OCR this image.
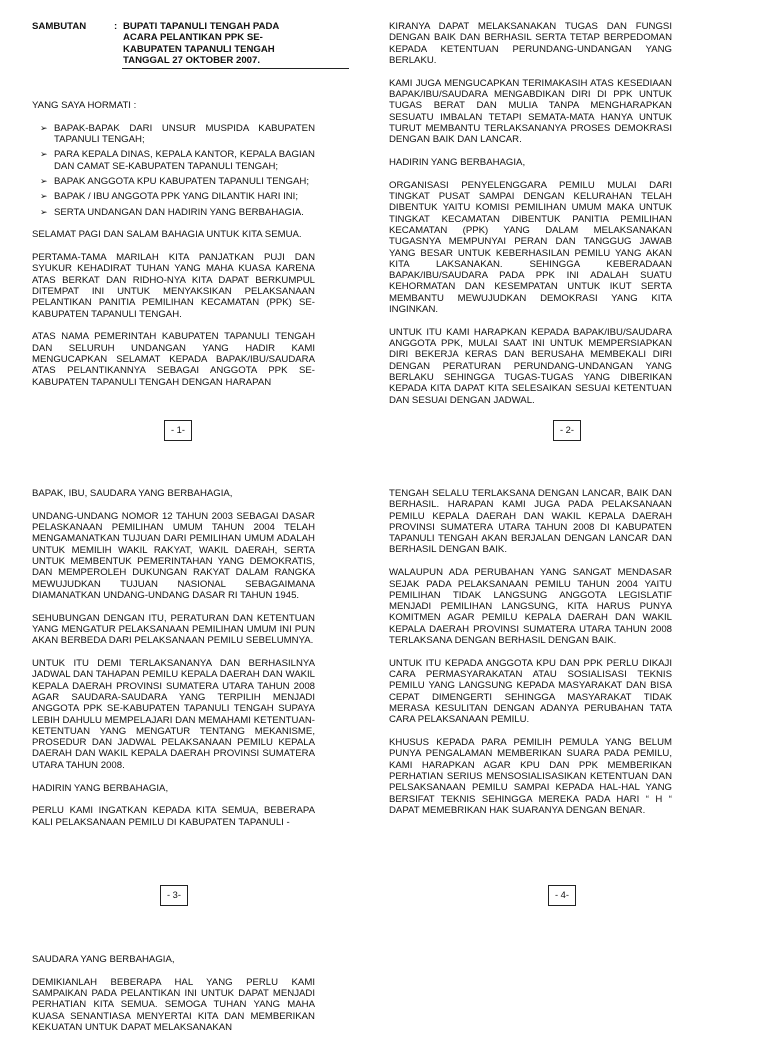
SAMBUTAN	: BUPATI TAPANULI TENGAH PADA
ACARA PELANTIKAN PPK SE-
KABUPATEN TAPANULI TENGAH
TANGGAL 27 OKTOBER 2007.

YANG SAYA HORMATI :

➢ BAPAK-BAPAK DARI UNSUR MUSPIDA KABUPATEN TAPANULI TENGAH;
➢ PARA KEPALA DINAS, KEPALA KANTOR, KEPALA BAGIAN DAN CAMAT SE-KABUPATEN TAPANULI TENGAH;
➢ BAPAK ANGGOTA KPU KABUPATEN TAPANULI TENGAH;
➢ BAPAK / IBU ANGGOTA PPK YANG DILANTIK HARI INI;
➢ SERTA UNDANGAN DAN HADIRIN YANG BERBAHAGIA.

SELAMAT PAGI DAN SALAM BAHAGIA UNTUK KITA SEMUA.

PERTAMA-TAMA MARILAH KITA PANJATKAN PUJI DAN SYUKUR KEHADIRAT TUHAN YANG MAHA KUASA KARENA ATAS BERKAT DAN RIDHO-NYA KITA DAPAT BERKUMPUL DITEMPAT INI UNTUK MENYAKSIKAN PELAKSANAAN PELANTIKAN PANITIA PEMILIHAN KECAMATAN (PPK) SE-KABUPATEN TAPANULI TENGAH.

ATAS NAMA PEMERINTAH KABUPATEN TAPANULI TENGAH DAN SELURUH UNDANGAN YANG HADIR KAMI MENGUCAPKAN SELAMAT KEPADA BAPAK/IBU/SAUDARA ATAS PELANTIKANNYA SEBAGAI ANGGOTA PPK SE-KABUPATEN TAPANULI TENGAH DENGAN HARAPAN

- 1-

KIRANYA DAPAT MELAKSANAKAN TUGAS DAN FUNGSI DENGAN BAIK DAN BERHASIL SERTA TETAP BERPEDOMAN KEPADA KETENTUAN PERUNDANG-UNDANGAN YANG BERLAKU.

KAMI JUGA MENGUCAPKAN TERIMAKASIH ATAS KESEDIAAN BAPAK/IBU/SAUDARA MENGABDIKAN DIRI DI PPK UNTUK TUGAS BERAT DAN MULIA TANPA MENGHARAPKAN SESUATU IMBALAN TETAPI SEMATA-MATA HANYA UNTUK TURUT MEMBANTU TERLAKSANANYA PROSES DEMOKRASI DENGAN BAIK DAN LANCAR.

HADIRIN YANG BERBAHAGIA,

ORGANISASI PENYELENGGARA PEMILU MULAI DARI TINGKAT PUSAT SAMPAI DENGAN KELURAHAN TELAH DIBENTUK YAITU KOMISI PEMILIHAN UMUM MAKA UNTUK TINGKAT KECAMATAN DIBENTUK PANITIA PEMILIHAN KECAMATAN (PPK) YANG DALAM MELAKSANAKAN TUGASNYA MEMPUNYAI PERAN DAN TANGGUG JAWAB YANG BESAR UNTUK KEBERHASILAN PEMILU YANG AKAN KITA LAKSANAKAN. SEHINGGA KEBERADAAN BAPAK/IBU/SAUDARA PADA PPK INI ADALAH SUATU KEHORMATAN DAN KESEMPATAN UNTUK IKUT SERTA MEMBANTU MEWUJUDKAN DEMOKRASI YANG KITA INGINKAN.

UNTUK ITU KAMI HARAPKAN KEPADA BAPAK/IBU/SAUDARA ANGGOTA PPK, MULAI SAAT INI UNTUK MEMPERSIAPKAN DIRI BEKERJA KERAS DAN BERUSAHA MEMBEKALI DIRI DENGAN PERATURAN PERUNDANG-UNDANGAN YANG BERLAKU SEHINGGA TUGAS-TUGAS YANG DIBERIKAN KEPADA KITA DAPAT KITA SELESAIKAN SESUAI KETENTUAN DAN SESUAI DENGAN JADWAL.

- 2-

BAPAK, IBU, SAUDARA YANG BERBAHAGIA,

UNDANG-UNDANG NOMOR 12 TAHUN 2003 SEBAGAI DASAR PELASKANAAN PEMILIHAN UMUM TAHUN 2004 TELAH MENGAMANATKAN TUJUAN DARI PEMILIHAN UMUM ADALAH UNTUK MEMILIH WAKIL RAKYAT, WAKIL DAERAH, SERTA UNTUK MEMBENTUK PEMERINTAHAN YANG DEMOKRATIS, DAN MEMPEROLEH DUKUNGAN RAKYAT DALAM RANGKA MEWUJUDKAN TUJUAN NASIONAL SEBAGAIMANA DIAMANATKAN UNDANG-UNDANG DASAR RI TAHUN 1945.

SEHUBUNGAN DENGAN ITU, PERATURAN DAN KETENTUAN YANG MENGATUR PELAKSANAAN PEMILIHAN UMUM INI PUN AKAN BERBEDA DARI PELAKSANAAN PEMILU SEBELUMNYA.

UNTUK ITU DEMI TERLAKSANANYA DAN BERHASILNYA JADWAL DAN TAHAPAN PEMILU KEPALA DAERAH DAN WAKIL KEPALA DAERAH PROVINSI SUMATERA UTARA TAHUN 2008 AGAR SAUDARA-SAUDARA YANG TERPILIH MENJADI ANGGOTA PPK SE-KABUPATEN TAPANULI TENGAH SUPAYA LEBIH DAHULU MEMPELAJARI DAN MEMAHAMI KETENTUAN-KETENTUAN YANG MENGATUR TENTANG MEKANISME, PROSEDUR DAN JADWAL PELAKSANAAN PEMILU KEPALA DAERAH DAN WAKIL KEPALA DAERAH PROVINSI SUMATERA UTARA TAHUN 2008.

HADIRIN YANG BERBAHAGIA,

PERLU KAMI INGATKAN KEPADA KITA SEMUA, BEBERAPA KALI PELAKSANAAN PEMILU DI KABUPATEN TAPANULI -

- 3-

TENGAH SELALU TERLAKSANA DENGAN LANCAR, BAIK DAN BERHASIL. HARAPAN KAMI JUGA PADA PELAKSANAAN PEMILU KEPALA DAERAH DAN WAKIL KEPALA DAERAH PROVINSI SUMATERA UTARA TAHUN 2008 DI KABUPATEN TAPANULI TENGAH AKAN BERJALAN DENGAN LANCAR DAN BERHASIL DENGAN BAIK.

WALAUPUN ADA PERUBAHAN YANG SANGAT MENDASAR SEJAK PADA PELAKSANAAN PEMILU TAHUN 2004 YAITU PEMILIHAN TIDAK LANGSUNG ANGGOTA LEGISLATIF MENJADI PEMILIHAN LANGSUNG, KITA HARUS PUNYA KOMITMEN AGAR PEMILU KEPALA DAERAH DAN WAKIL KEPALA DAERAH PROVINSI SUMATERA UTARA TAHUN 2008 TERLAKSANA DENGAN BERHASIL DENGAN BAIK.

UNTUK ITU KEPADA ANGGOTA KPU DAN PPK PERLU DIKAJI CARA PERMASYARAKATAN ATAU SOSIALISASI TEKNIS PEMILU YANG LANGSUNG KEPADA MASYARAKAT DAN BISA CEPAT DIMENGERTI SEHINGGA MASYARAKAT TIDAK MERASA KESULITAN DENGAN ADANYA PERUBAHAN TATA CARA PELAKSANAAN PEMILU.

KHUSUS KEPADA PARA PEMILIH PEMULA YANG BELUM PUNYA PENGALAMAN MEMBERIKAN SUARA PADA PEMILU, KAMI HARAPKAN AGAR KPU DAN PPK MEMBERIKAN PERHATIAN SERIUS MENSOSIALISASIKAN KETENTUAN DAN PELSAKSANAAN PEMILU SAMPAI KEPADA HAL-HAL YANG BERSIFAT TEKNIS SEHINGGA MEREKA PADA HARI “ H “ DAPAT MEMEBRIKAN HAK SUARANYA DENGAN BENAR.

- 4-

SAUDARA YANG BERBAHAGIA,

DEMIKIANLAH BEBERAPA HAL YANG PERLU KAMI SAMPAIKAN PADA PELANTIKAN INI UNTUK DAPAT MENJADI PERHATIAN KITA SEMUA. SEMOGA TUHAN YANG MAHA KUASA SENANTIASA MENYERTAI KITA DAN MEMBERIKAN KEKUATAN UNTUK DAPAT MELAKSANAKAN
